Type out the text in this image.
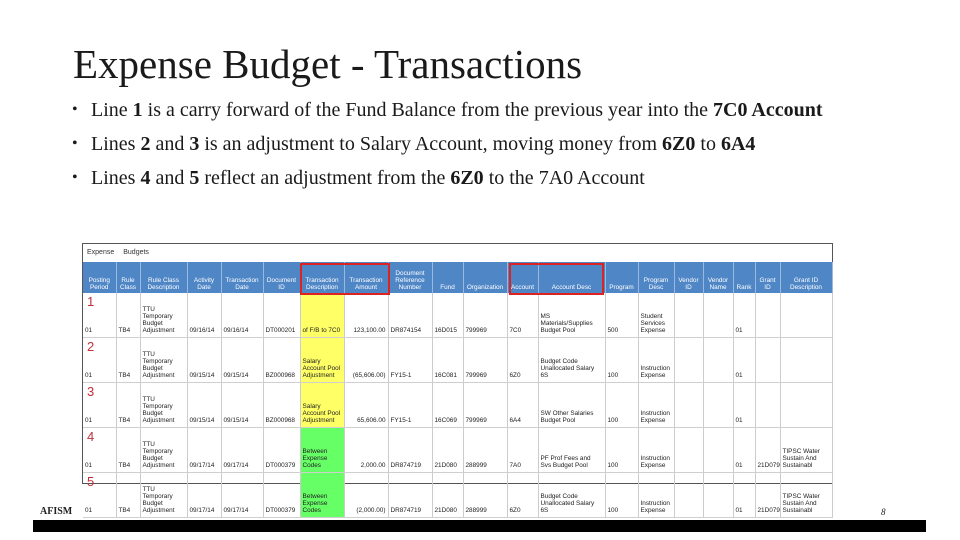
Expense Budget - Transactions
• Line 1 is a carry forward of the Fund Balance from the previous year into the 7C0 Account
• Lines 2 and 3 is an adjustment to Salary Account, moving money from 6Z0 to 6A4
• Lines 4 and 5 reflect an adjustment from the 6Z0 to the 7A0 Account
Expense Budgets
Posting Period	Rule Class	Rule Class Description	Activity Date	Transaction Date	Document ID	Transaction Description	Transaction Amount	Document Reference Number	Fund	Organization	Account	Account Desc	Program	Program Desc	Vendor ID	Vendor Name	Rank	Grant ID	Grant ID Description

1
01	TB4	TTU Temporary Budget Adjustment	09/16/14	09/16/14	DT000201	of F/B to 7C0	123,100.00	DR874154	16D015	799969	7C0	MS Materials/Supplies Budget Pool	500	Student Services Expense			01		

2
01	TB4	TTU Temporary Budget Adjustment	09/15/14	09/15/14	BZ000968	Salary Account Pool Adjustment	(65,606.00)	FY15-1	16C081	799969	6Z0	Budget Code Unallocated Salary 6S	100	Instruction Expense			01		

3
01	TB4	TTU Temporary Budget Adjustment	09/15/14	09/15/14	BZ000968	Salary Account Pool Adjustment	65,606.00	FY15-1	16C069	799969	6A4	SW Other Salaries Budget Pool	100	Instruction Expense			01		

4
01	TB4	TTU Temporary Budget Adjustment	09/17/14	09/17/14	DT000379	Between Expense Codes	2,000.00	DR874719	21D080	288999	7A0	PF Prof Fees and Svs Budget Pool	100	Instruction Expense			01	21D079	TIPSC Water Sustain And Sustainabl

5
01	TB4	TTU Temporary Budget Adjustment	09/17/14	09/17/14	DT000379	Between Expense Codes	(2,000.00)	DR874719	21D080	288999	6Z0	Budget Code Unallocated Salary 6S	100	Instruction Expense			01	21D079	TIPSC Water Sustain And Sustainabl
AFISM	8
